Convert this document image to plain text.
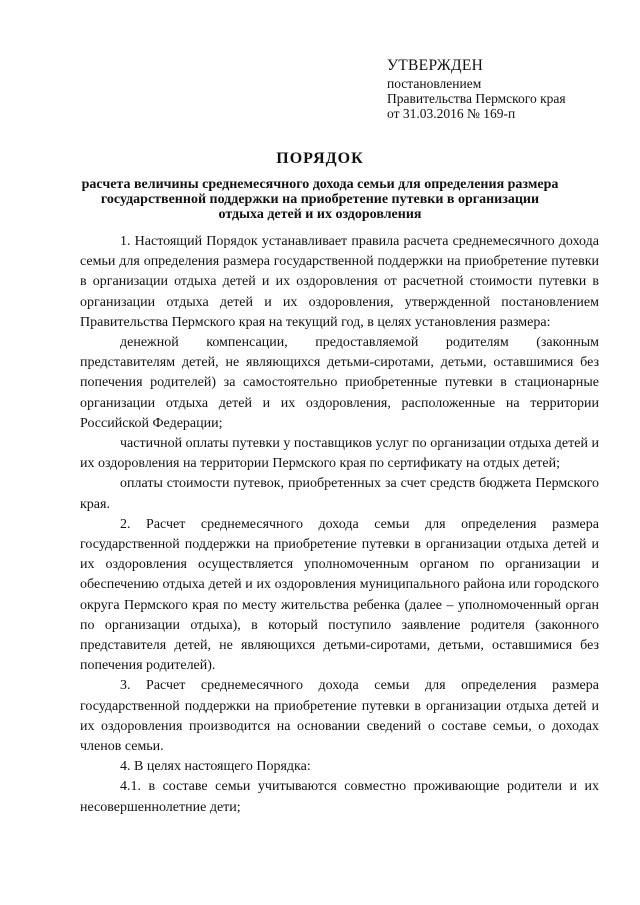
УТВЕРЖДЕН
постановлением
Правительства Пермского края
от 31.03.2016 № 169-п
ПОРЯДОК
расчета величины среднемесячного дохода семьи для определения размера государственной поддержки на приобретение путевки в организации отдыха детей и их оздоровления

1. Настоящий Порядок устанавливает правила расчета среднемесячного дохода семьи для определения размера государственной поддержки на приобретение путевки в организации отдыха детей и их оздоровления от расчетной стоимости путевки в организации отдыха детей и их оздоровления, утвержденной постановлением Правительства Пермского края на текущий год, в целях установления размера:

денежной компенсации, предоставляемой родителям (законным представителям детей, не являющихся детьми-сиротами, детьми, оставшимися без попечения родителей) за самостоятельно приобретенные путевки в стационарные организации отдыха детей и их оздоровления, расположенные на территории Российской Федерации;

частичной оплаты путевки у поставщиков услуг по организации отдыха детей и их оздоровления на территории Пермского края по сертификату на отдых детей;

оплаты стоимости путевок, приобретенных за счет средств бюджета Пермского края.

2. Расчет среднемесячного дохода семьи для определения размера государственной поддержки на приобретение путевки в организации отдыха детей и их оздоровления осуществляется уполномоченным органом по организации и обеспечению отдыха детей и их оздоровления муниципального района или городского округа Пермского края по месту жительства ребенка (далее – уполномоченный орган по организации отдыха), в который поступило заявление родителя (законного представителя детей, не являющихся детьми-сиротами, детьми, оставшимися без попечения родителей).

3. Расчет среднемесячного дохода семьи для определения размера государственной поддержки на приобретение путевки в организации отдыха детей и их оздоровления производится на основании сведений о составе семьи, о доходах членов семьи.

4. В целях настоящего Порядка:

4.1. в составе семьи учитываются совместно проживающие родители и их несовершеннолетние дети;
